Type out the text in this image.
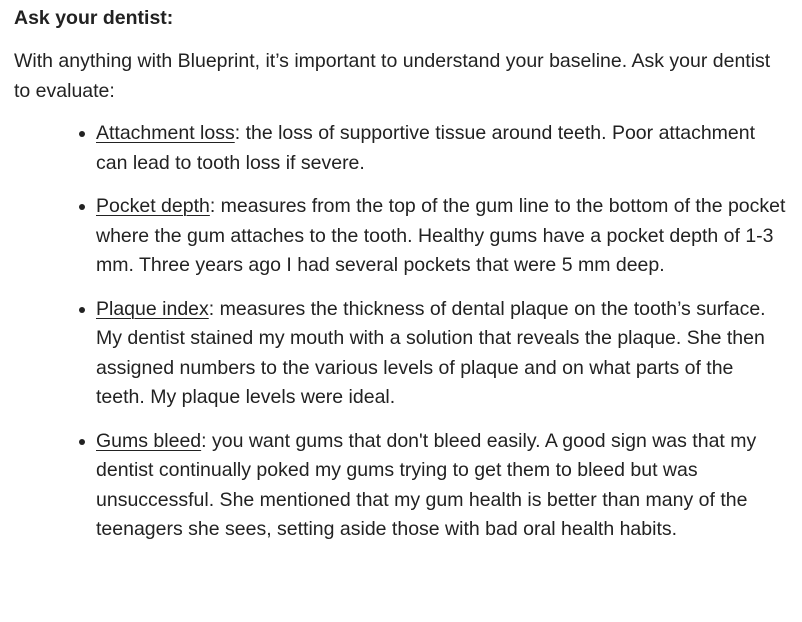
Ask your dentist:
With anything with Blueprint, it’s important to understand your baseline. Ask your dentist to evaluate:
Attachment loss: the loss of supportive tissue around teeth. Poor attachment can lead to tooth loss if severe.
Pocket depth: measures from the top of the gum line to the bottom of the pocket where the gum attaches to the tooth. Healthy gums have a pocket depth of 1-3 mm. Three years ago I had several pockets that were 5 mm deep.
Plaque index: measures the thickness of dental plaque on the tooth’s surface. My dentist stained my mouth with a solution that reveals the plaque. She then assigned numbers to the various levels of plaque and on what parts of the teeth. My plaque levels were ideal.
Gums bleed: you want gums that don't bleed easily. A good sign was that my dentist continually poked my gums trying to get them to bleed but was unsuccessful. She mentioned that my gum health is better than many of the teenagers she sees, setting aside those with bad oral health habits.
